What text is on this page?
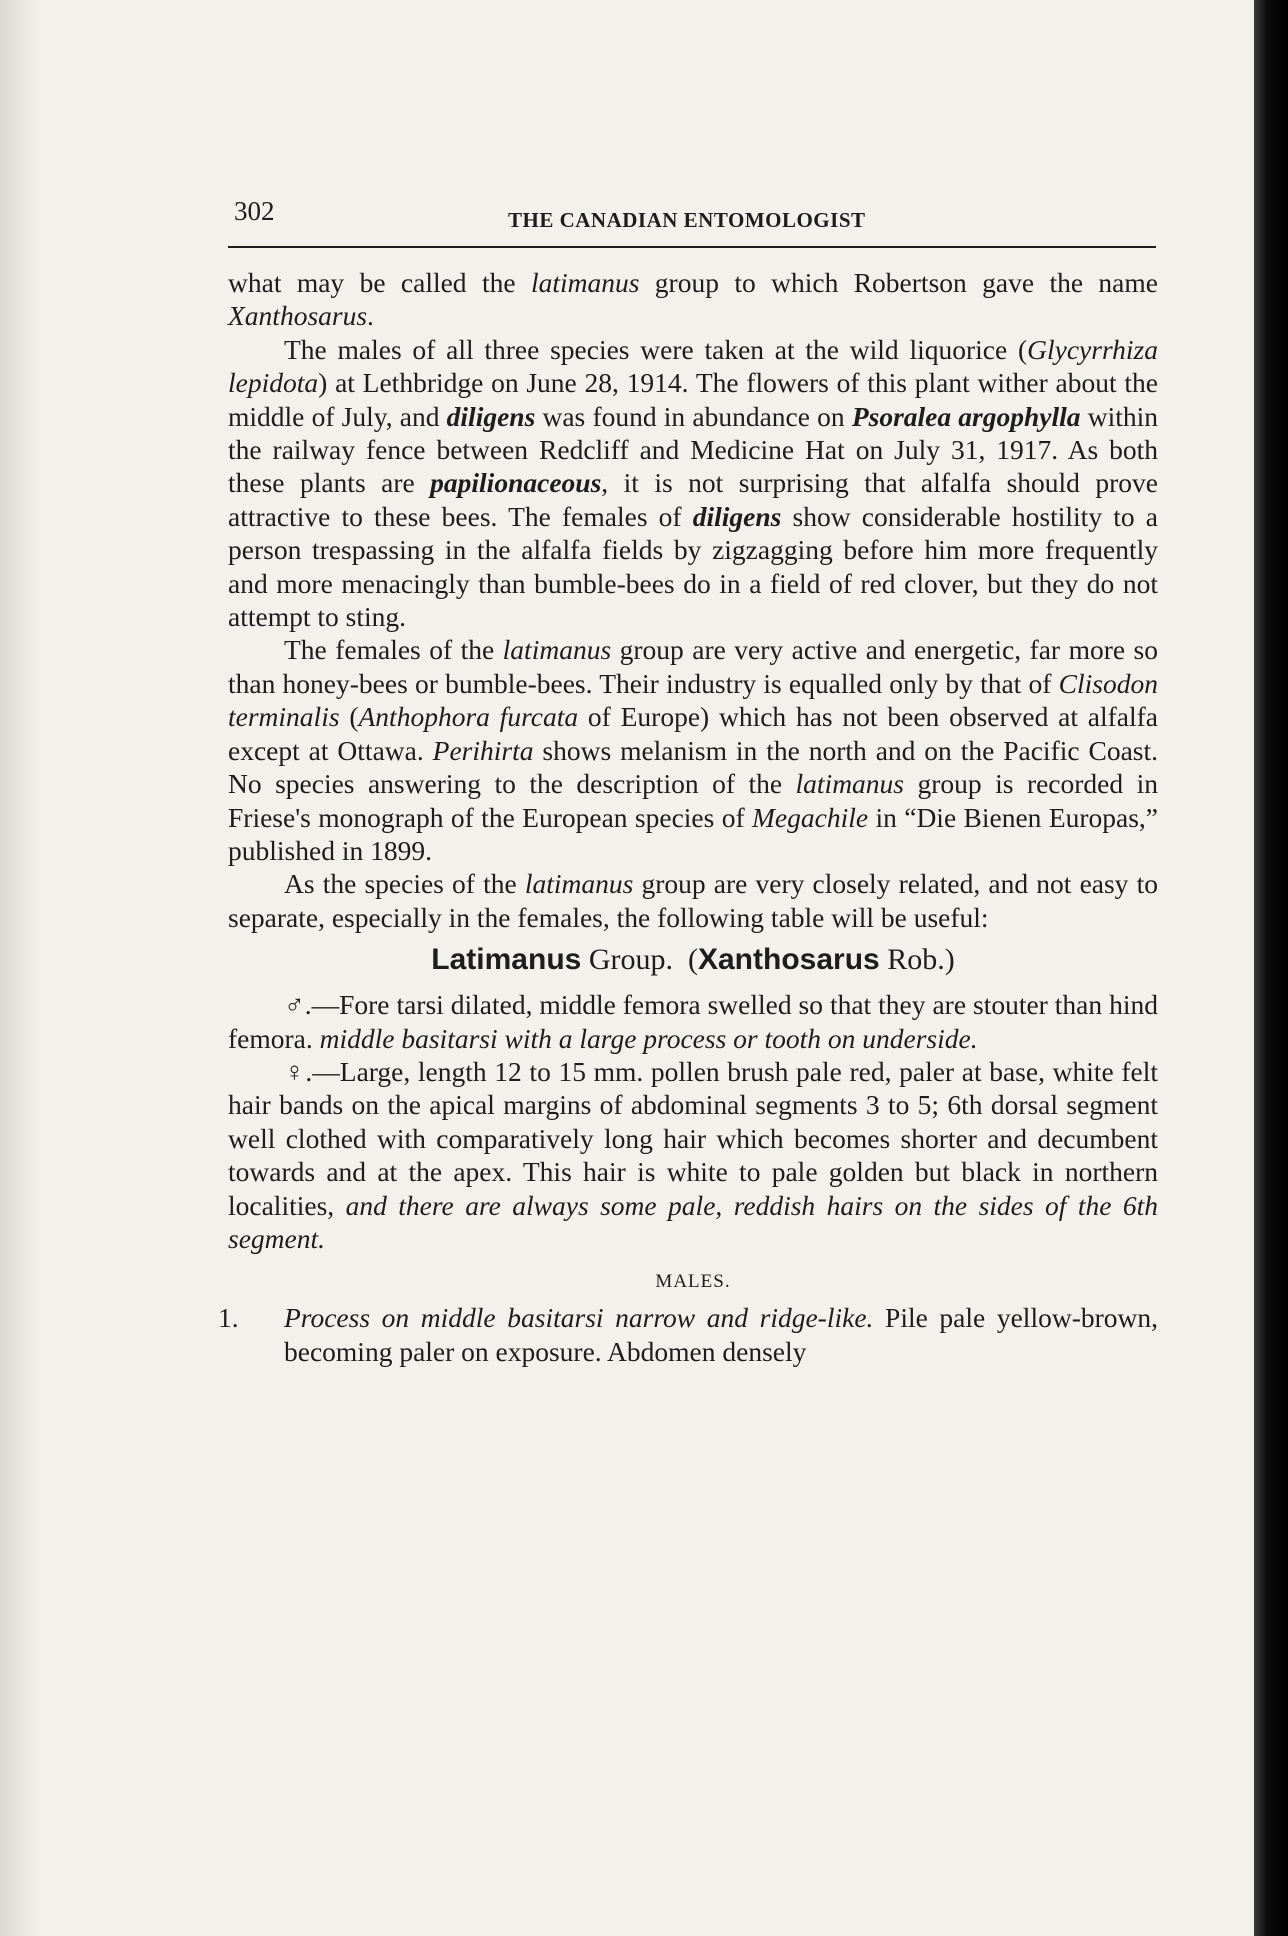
302	THE CANADIAN ENTOMOLOGIST

what may be called the latimanus group to which Robertson gave the name Xanthosarus.

The males of all three species were taken at the wild liquorice (Glycyrrhiza lepidota) at Lethbridge on June 28, 1914. The flowers of this plant wither about the middle of July, and diligens was found in abundance on Psoralea argophylla within the railway fence between Redcliff and Medicine Hat on July 31, 1917. As both these plants are papilionaceous, it is not surprising that alfalfa should prove attractive to these bees. The females of diligens show considerable hostility to a person trespassing in the alfalfa fields by zigzagging before him more frequently and more menacingly than bumble-bees do in a field of red clover, but they do not attempt to sting.

The females of the latimanus group are very active and energetic, far more so than honey-bees or bumble-bees. Their industry is equalled only by that of Clisodon terminalis (Anthophora furcata of Europe) which has not been observed at alfalfa except at Ottawa. Perihirta shows melanism in the north and on the Pacific Coast. No species answering to the description of the latimanus group is recorded in Friese's monograph of the European species of Megachile in “Die Bienen Europas,” published in 1899.

As the species of the latimanus group are very closely related, and not easy to separate, especially in the females, the following table will be useful:

Latimanus Group.  (Xanthosarus Rob.)

♂.—Fore tarsi dilated, middle femora swelled so that they are stouter than hind femora. middle basitarsi with a large process or tooth on underside.

♀.—Large, length 12 to 15 mm. pollen brush pale red, paler at base, white felt hair bands on the apical margins of abdominal segments 3 to 5; 6th dorsal segment well clothed with comparatively long hair which becomes shorter and decumbent towards and at the apex. This hair is white to pale golden but black in northern localities, and there are always some pale, reddish hairs on the sides of the 6th segment.

MALES.
1. Process on middle basitarsi narrow and ridge-like. Pile pale yellow-brown, becoming paler on exposure. Abdomen densely
